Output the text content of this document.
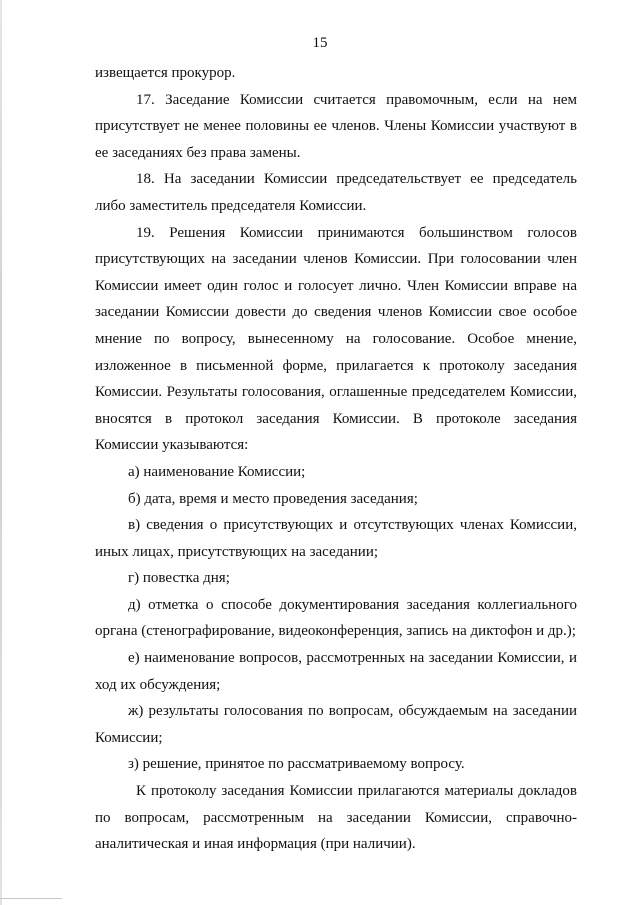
15

извещается прокурор.

17. Заседание Комиссии считается правомочным, если на нем присутствует не менее половины ее членов. Члены Комиссии участвуют в ее заседаниях без права замены.

18. На заседании Комиссии председательствует ее председатель либо заместитель председателя Комиссии.

19. Решения Комиссии принимаются большинством голосов присутствующих на заседании членов Комиссии. При голосовании член Комиссии имеет один голос и голосует лично. Член Комиссии вправе на заседании Комиссии довести до сведения членов Комиссии свое особое мнение по вопросу, вынесенному на голосование. Особое мнение, изложенное в письменной форме, прилагается к протоколу заседания Комиссии. Результаты голосования, оглашенные председателем Комиссии, вносятся в протокол заседания Комиссии. В протоколе заседания Комиссии указываются:

а) наименование Комиссии;

б) дата, время и место проведения заседания;

в) сведения о присутствующих и отсутствующих членах Комиссии, иных лицах, присутствующих на заседании;

г) повестка дня;

д) отметка о способе документирования заседания коллегиального органа (стенографирование, видеоконференция, запись на диктофон и др.);

е) наименование вопросов, рассмотренных на заседании Комиссии, и ход их обсуждения;

ж) результаты голосования по вопросам, обсуждаемым на заседании Комиссии;

з) решение, принятое по рассматриваемому вопросу.

К протоколу заседания Комиссии прилагаются материалы докладов по вопросам, рассмотренным на заседании Комиссии, справочно-аналитическая и иная информация (при наличии).
